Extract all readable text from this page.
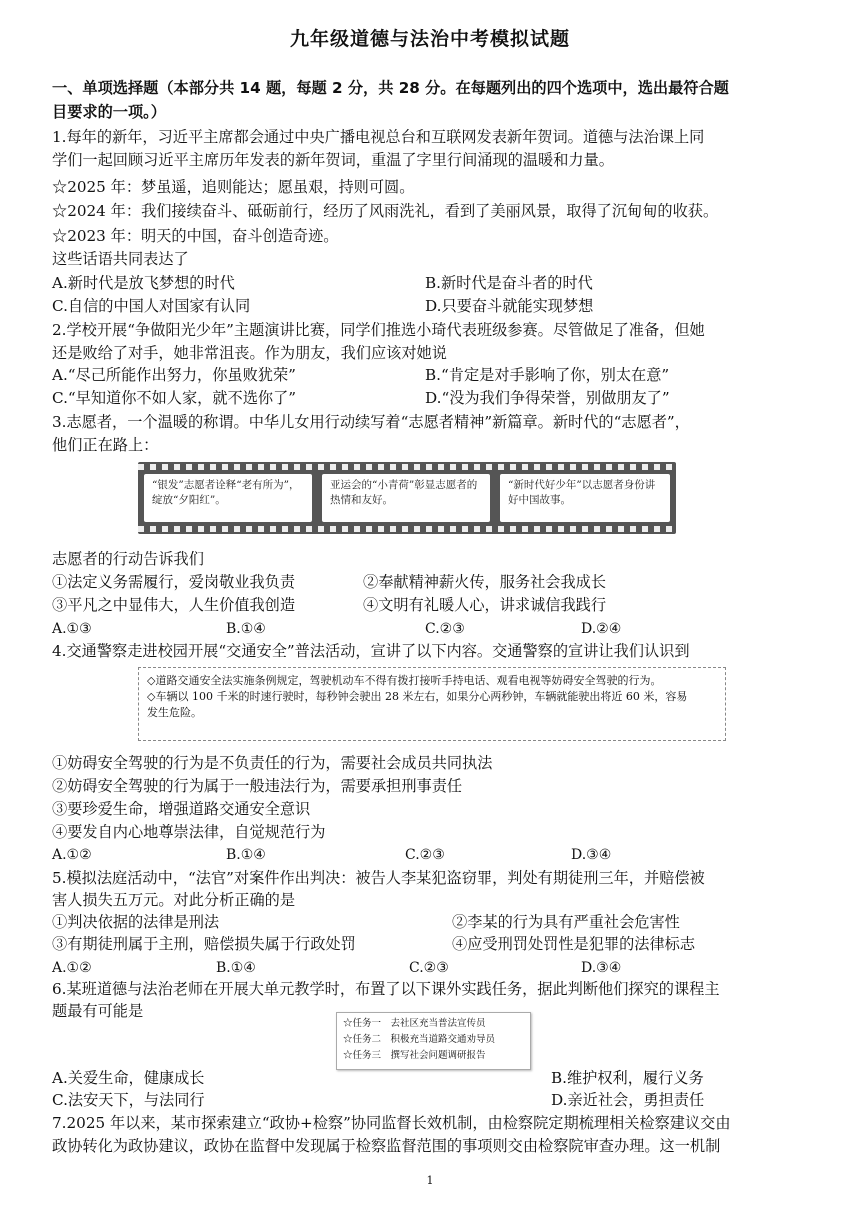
九年级道德与法治中考模拟试题
一、单项选择题（本部分共 14 题，每题 2 分，共 28 分。在每题列出的四个选项中，选出最符合题
目要求的一项。）
1.每年的新年，习近平主席都会通过中央广播电视总台和互联网发表新年贺词。道德与法治课上同
学们一起回顾习近平主席历年发表的新年贺词，重温了字里行间涌现的温暖和力量。
☆2025 年：梦虽遥，追则能达；愿虽艰，持则可圆。
☆2024 年：我们接续奋斗、砥砺前行，经历了风雨洗礼，看到了美丽风景，取得了沉甸甸的收获。
☆2023 年：明天的中国，奋斗创造奇迹。
这些话语共同表达了
A.新时代是放飞梦想的时代	B.新时代是奋斗者的时代
C.自信的中国人对国家有认同	D.只要奋斗就能实现梦想
2.学校开展“争做阳光少年”主题演讲比赛，同学们推选小琦代表班级参赛。尽管做足了准备，但她
还是败给了对手，她非常沮丧。作为朋友，我们应该对她说
A.“尽己所能作出努力，你虽败犹荣”	B.“肯定是对手影响了你，别太在意”
C.“早知道你不如人家，就不选你了”	D.“没为我们争得荣誉，别做朋友了”
3.志愿者，一个温暖的称谓。中华儿女用行动续写着“志愿者精神”新篇章。新时代的“志愿者”，
他们正在路上：
“银发”志愿者诠释“老有所为”，绽放“夕阳红”。
亚运会的“小青荷”彰显志愿者的热情和友好。
“新时代好少年”以志愿者身份讲好中国故事。
志愿者的行动告诉我们
①法定义务需履行，爱岗敬业我负责	②奉献精神薪火传，服务社会我成长
③平凡之中显伟大，人生价值我创造	④文明有礼暖人心，讲求诚信我践行
A.①③	B.①④	C.②③	D.②④
4.交通警察走进校园开展“交通安全”普法活动，宣讲了以下内容。交通警察的宣讲让我们认识到
◇道路交通安全法实施条例规定，驾驶机动车不得有拨打接听手持电话、观看电视等妨碍安全驾驶的行为。
◇车辆以 100 千米的时速行驶时，每秒钟会驶出 28 米左右，如果分心两秒钟，车辆就能驶出将近 60 米，容易
发生危险。
①妨碍安全驾驶的行为是不负责任的行为，需要社会成员共同执法
②妨碍安全驾驶的行为属于一般违法行为，需要承担刑事责任
③要珍爱生命，增强道路交通安全意识
④要发自内心地尊崇法律，自觉规范行为
A.①②	B.①④	C.②③	D.③④
5.模拟法庭活动中，“法官”对案件作出判决：被告人李某犯盗窃罪，判处有期徒刑三年，并赔偿被
害人损失五万元。对此分析正确的是
①判决依据的法律是刑法	②李某的行为具有严重社会危害性
③有期徒刑属于主刑，赔偿损失属于行政处罚	④应受刑罚处罚性是犯罪的法律标志
A.①②	B.①④	C.②③	D.③④
6.某班道德与法治老师在开展大单元教学时，布置了以下课外实践任务，据此判断他们探究的课程主
题最有可能是
☆任务一　去社区充当普法宣传员
☆任务二　积极充当道路交通劝导员
☆任务三　撰写社会问题调研报告
A.关爱生命，健康成长	B.维护权利，履行义务
C.法安天下，与法同行	D.亲近社会，勇担责任
7.2025 年以来，某市探索建立“政协+检察”协同监督长效机制，由检察院定期梳理相关检察建议交由
政协转化为政协建议，政协在监督中发现属于检察监督范围的事项则交由检察院审查办理。这一机制
1
